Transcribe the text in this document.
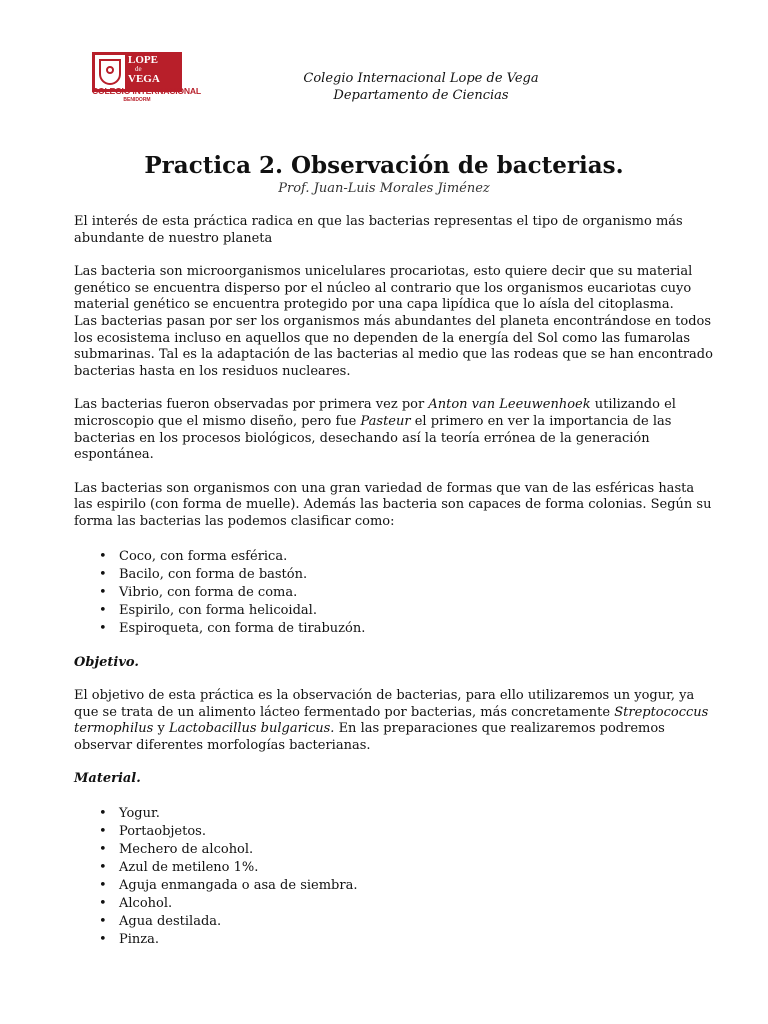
LOPE
de
VEGA
COLEGIO INTERNACIONAL
BENIDORM
Colegio Internacional Lope de Vega
Departamento de Ciencias
Practica 2. Observación de bacterias.
Prof. Juan-Luis Morales Jiménez

El interés de esta práctica radica en que las bacterias representas el tipo de organismo más abundante de nuestro planeta

Las bacteria son microorganismos unicelulares procariotas, esto quiere decir que su material genético se encuentra disperso por el núcleo al contrario que los organismos eucariotas cuyo material genético se encuentra protegido por una capa lipídica que lo aísla del citoplasma.

Las bacterias pasan por ser los organismos más abundantes del planeta encontrándose en todos los ecosistema incluso en aquellos que no dependen de la energía del Sol como las fumarolas submarinas. Tal es la adaptación de las bacterias al medio que las rodeas que se han encontrado bacterias hasta en los residuos nucleares.

Las bacterias fueron observadas por primera vez por Anton van Leeuwenhoek utilizando el microscopio que el mismo diseño, pero fue Pasteur el primero en ver la importancia de las bacterias en los procesos biológicos, desechando así la teoría errónea de la generación espontánea.

Las bacterias son organismos con una gran variedad de formas que van de las esféricas hasta las espirilo (con forma de muelle). Además las bacteria son capaces de forma colonias. Según su forma las bacterias las podemos clasificar como:

• Coco, con forma esférica.
• Bacilo, con forma de bastón.
• Vibrio, con forma de coma.
• Espirilo, con forma helicoidal.
• Espiroqueta, con forma de tirabuzón.
Objetivo.

El objetivo de esta práctica es la observación de bacterias, para ello utilizaremos un yogur, ya que se trata de un alimento lácteo fermentado por bacterias, más concretamente Streptococcus termophilus y Lactobacillus bulgaricus. En las preparaciones que realizaremos podremos observar diferentes morfologías bacterianas.

Material.
• Yogur.
• Portaobjetos.
• Mechero de alcohol.
• Azul de metileno 1%.
• Aguja enmangada o asa de siembra.
• Alcohol.
• Agua destilada.
• Pinza.
